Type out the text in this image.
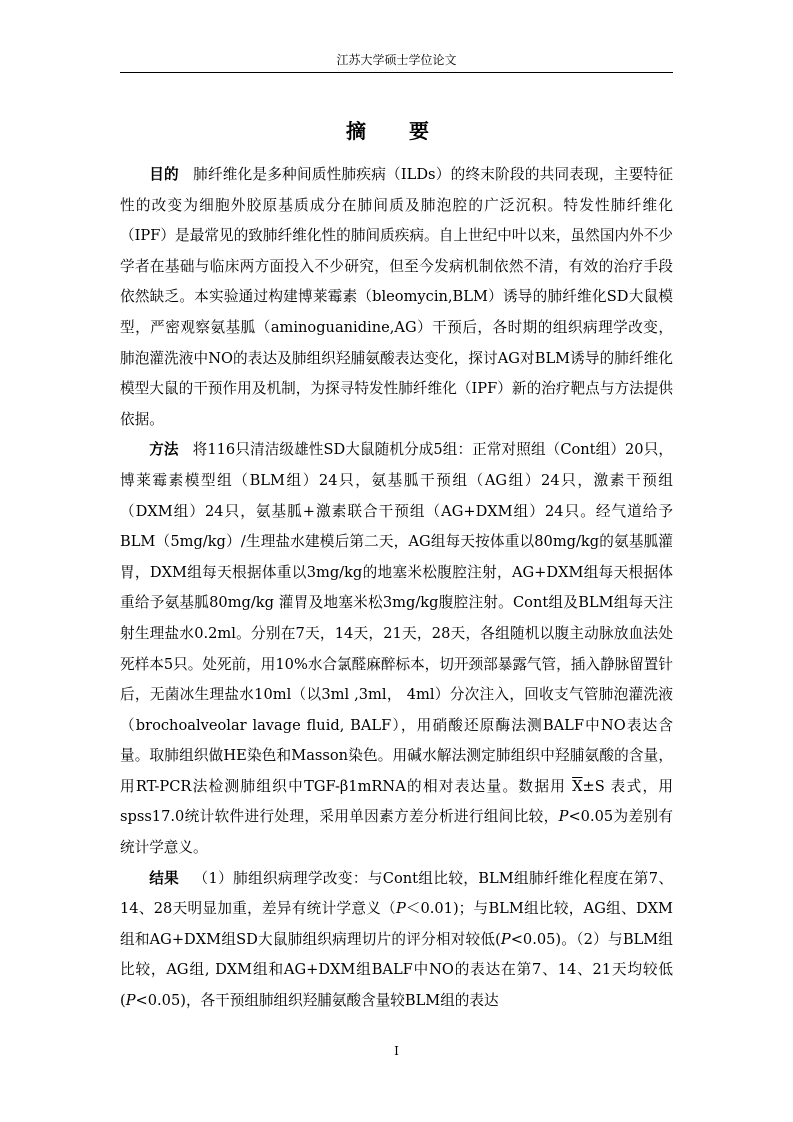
江苏大学硕士学位论文
摘 要

目的 肺纤维化是多种间质性肺疾病（ILDs）的终末阶段的共同表现，主要特征性的改变为细胞外胶原基质成分在肺间质及肺泡腔的广泛沉积。特发性肺纤维化（IPF）是最常见的致肺纤维化性的肺间质疾病。自上世纪中叶以来，虽然国内外不少学者在基础与临床两方面投入不少研究，但至今发病机制依然不清，有效的治疗手段依然缺乏。本实验通过构建博莱霉素（bleomycin,BLM）诱导的肺纤维化SD大鼠模型，严密观察氨基胍（aminoguanidine,AG）干预后，各时期的组织病理学改变，肺泡灌洗液中NO的表达及肺组织羟脯氨酸表达变化，探讨AG对BLM诱导的肺纤维化模型大鼠的干预作用及机制，为探寻特发性肺纤维化（IPF）新的治疗靶点与方法提供依据。

方法 将116只清洁级雄性SD大鼠随机分成5组：正常对照组（Cont组）20只，博莱霉素模型组（BLM组）24只，氨基胍干预组（AG组）24只，激素干预组（DXM组）24只，氨基胍+激素联合干预组（AG+DXM组）24只。经气道给予BLM（5mg/kg）/生理盐水建模后第二天，AG组每天按体重以80mg/kg的氨基胍灌胃，DXM组每天根据体重以3mg/kg的地塞米松腹腔注射，AG+DXM组每天根据体重给予氨基胍80mg/kg 灌胃及地塞米松3mg/kg腹腔注射。Cont组及BLM组每天注射生理盐水0.2ml。分别在7天，14天，21天，28天，各组随机以腹主动脉放血法处死样本5只。处死前，用10%水合氯醛麻醉标本，切开颈部暴露气管，插入静脉留置针后，无菌冰生理盐水10ml（以3ml ,3ml， 4ml）分次注入，回收支气管肺泡灌洗液（brochoalveolar lavage fluid, BALF），用硝酸还原酶法测BALF中NO表达含量。取肺组织做HE染色和Masson染色。用碱水解法测定肺组织中羟脯氨酸的含量，用RT-PCR法检测肺组织中TGF-β1mRNA的相对表达量。数据用 $\overline{X}\pm S$ 表式，用spss17.0统计软件进行处理，采用单因素方差分析进行组间比较，P<0.05为差别有统计学意义。

结果 （1）肺组织病理学改变：与Cont组比较，BLM组肺纤维化程度在第7、14、28天明显加重，差异有统计学意义（P＜0.01)；与BLM组比较，AG组、DXM组和AG+DXM组SD大鼠肺组织病理切片的评分相对较低(P<0.05)。（2）与BLM组比较，AG组, DXM组和AG+DXM组BALF中NO的表达在第7、14、21天均较低(P<0.05)，各干预组肺组织羟脯氨酸含量较BLM组的表达

I
